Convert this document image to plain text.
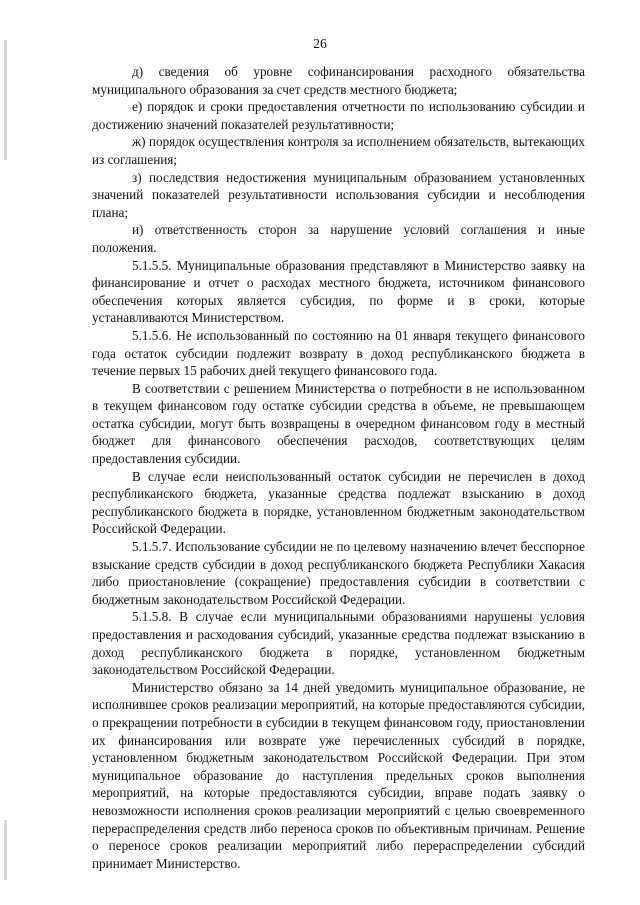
26

д) сведения об уровне софинансирования расходного обязательства муниципального образования за счет средств местного бюджета;

е) порядок и сроки предоставления отчетности по использованию субсидии и достижению значений показателей результативности;

ж) порядок осуществления контроля за исполнением обязательств, вытекающих из соглашения;

з) последствия недостижения муниципальным образованием установленных значений показателей результативности использования субсидии и несоблюдения плана;

и) ответственность сторон за нарушение условий соглашения и иные положения.

5.1.5.5. Муниципальные образования представляют в Министерство заявку на финансирование и отчет о расходах местного бюджета, источником финансового обеспечения которых является субсидия, по форме и в сроки, которые устанавливаются Министерством.

5.1.5.6. Не использованный по состоянию на 01 января текущего финансового года остаток субсидии подлежит возврату в доход республиканского бюджета в течение первых 15 рабочих дней текущего финансового года.

В соответствии с решением Министерства о потребности в не использованном в текущем финансовом году остатке субсидии средства в объеме, не превышающем остатка субсидии, могут быть возвращены в очередном финансовом году в местный бюджет для финансового обеспечения расходов, соответствующих целям предоставления субсидии.

В случае если неиспользованный остаток субсидии не перечислен в доход республиканского бюджета, указанные средства подлежат взысканию в доход республиканского бюджета в порядке, установленном бюджетным законодательством Российской Федерации.

5.1.5.7. Использование субсидии не по целевому назначению влечет бесспорное взыскание средств субсидии в доход республиканского бюджета Республики Хакасия либо приостановление (сокращение) предоставления субсидии в соответствии с бюджетным законодательством Российской Федерации.

5.1.5.8. В случае если муниципальными образованиями нарушены условия предоставления и расходования субсидий, указанные средства подлежат взысканию в доход республиканского бюджета в порядке, установленном бюджетным законодательством Российской Федерации.

Министерство обязано за 14 дней уведомить муниципальное образование, не исполнившее сроков реализации мероприятий, на которые предоставляются субсидии, о прекращении потребности в субсидии в текущем финансовом году, приостановлении их финансирования или возврате уже перечисленных субсидий в порядке, установленном бюджетным законодательством Российской Федерации. При этом муниципальное образование до наступления предельных сроков выполнения мероприятий, на которые предоставляются субсидии, вправе подать заявку о невозможности исполнения сроков реализации мероприятий с целью своевременного перераспределения средств либо переноса сроков по объективным причинам. Решение о переносе сроков реализации мероприятий либо перераспределении субсидий принимает Министерство.
